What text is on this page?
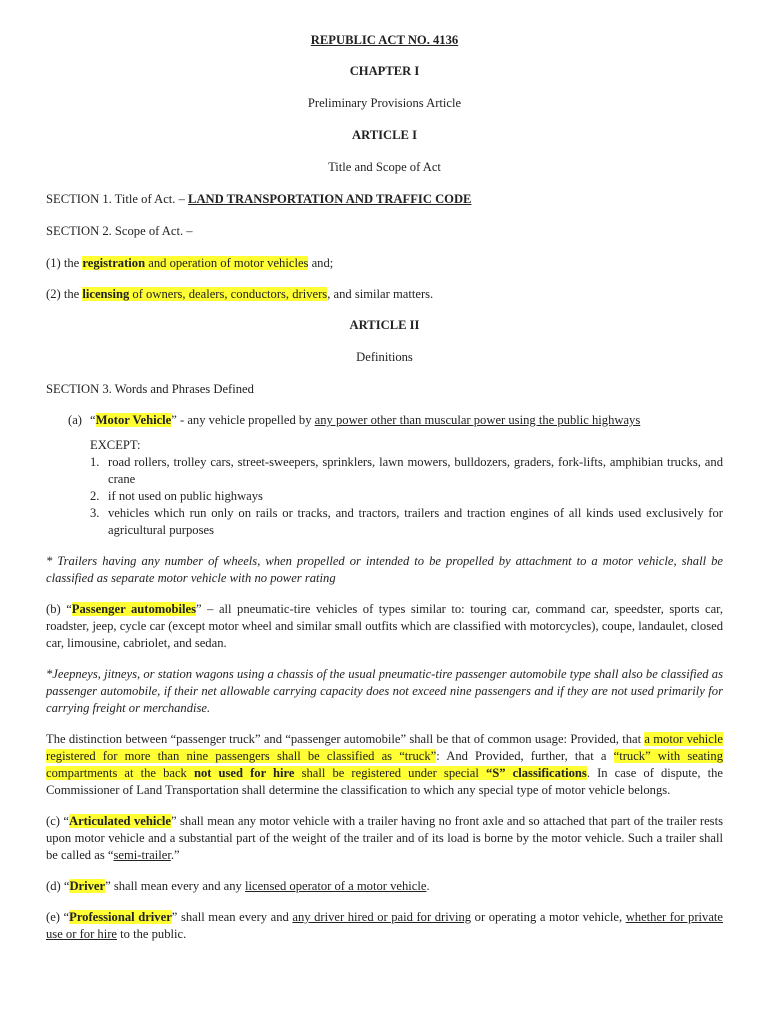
REPUBLIC ACT NO. 4136

CHAPTER I

Preliminary Provisions Article

ARTICLE I

Title and Scope of Act

SECTION 1. Title of Act. – LAND TRANSPORTATION AND TRAFFIC CODE

SECTION 2. Scope of Act. –

(1) the registration and operation of motor vehicles and;

(2) the licensing of owners, dealers, conductors, drivers, and similar matters.

ARTICLE II

Definitions

SECTION 3. Words and Phrases Defined

(a) “Motor Vehicle” - any vehicle propelled by any power other than muscular power using the public highways

EXCEPT:

1. road rollers, trolley cars, street-sweepers, sprinklers, lawn mowers, bulldozers, graders, fork-lifts, amphibian trucks, and crane
2. if not used on public highways
3. vehicles which run only on rails or tracks, and tractors, trailers and traction engines of all kinds used exclusively for agricultural purposes

* Trailers having any number of wheels, when propelled or intended to be propelled by attachment to a motor vehicle, shall be classified as separate motor vehicle with no power rating

(b) “Passenger automobiles” – all pneumatic-tire vehicles of types similar to: touring car, command car, speedster, sports car, roadster, jeep, cycle car (except motor wheel and similar small outfits which are classified with motorcycles), coupe, landaulet, closed car, limousine, cabriolet, and sedan.

*Jeepneys, jitneys, or station wagons using a chassis of the usual pneumatic-tire passenger automobile type shall also be classified as passenger automobile, if their net allowable carrying capacity does not exceed nine passengers and if they are not used primarily for carrying freight or merchandise.

The distinction between “passenger truck” and “passenger automobile” shall be that of common usage: Provided, that a motor vehicle registered for more than nine passengers shall be classified as “truck”: And Provided, further, that a “truck” with seating compartments at the back not used for hire shall be registered under special “S” classifications. In case of dispute, the Commissioner of Land Transportation shall determine the classification to which any special type of motor vehicle belongs.

(c) “Articulated vehicle” shall mean any motor vehicle with a trailer having no front axle and so attached that part of the trailer rests upon motor vehicle and a substantial part of the weight of the trailer and of its load is borne by the motor vehicle. Such a trailer shall be called as “semi-trailer.”

(d) “Driver” shall mean every and any licensed operator of a motor vehicle.

(e) “Professional driver” shall mean every and any driver hired or paid for driving or operating a motor vehicle, whether for private use or for hire to the public.
